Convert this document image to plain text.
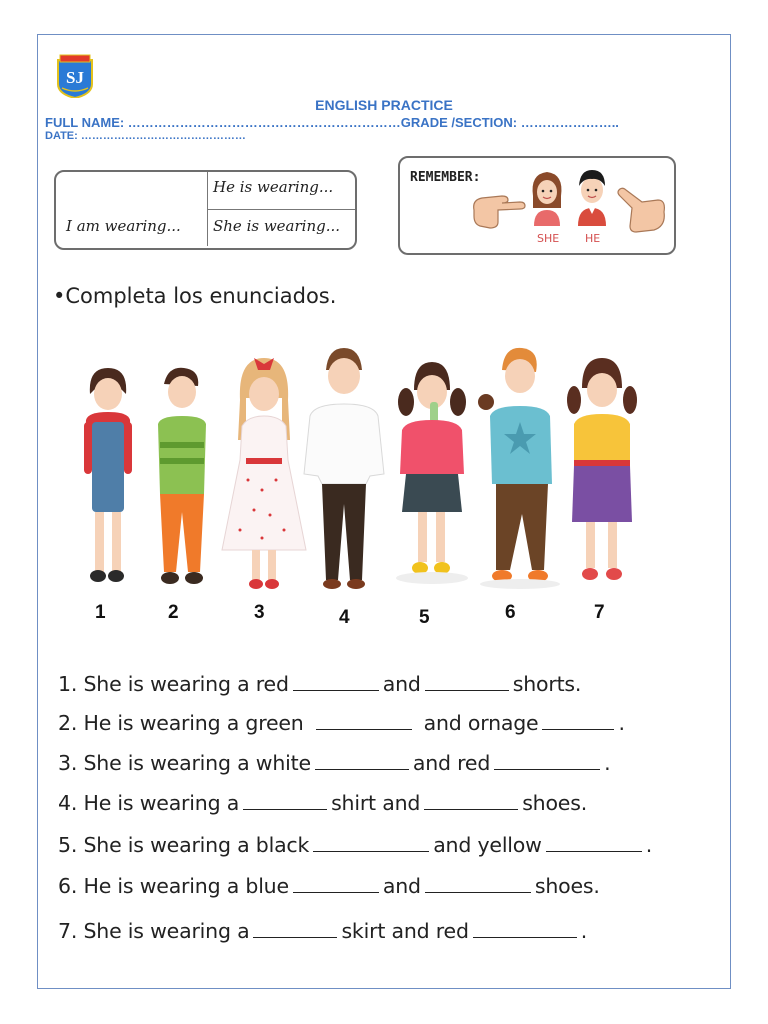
SJ
ENGLISH PRACTICE
FULL NAME: ………………………………………………………GRADE /SECTION: …………………..
DATE: ………………………………………
I am wearing...
He is wearing...
She is wearing...
REMEMBER:
SHE HE
•Completa los enunciados.
1	2	3	4	5	6	7
1. She is wearing a red	and	shorts.
2. He is wearing a green	and ornage	.
3. She is wearing a white	and red	.
4. He is wearing a	shirt and	shoes.
5. She is wearing a black	and yellow	.
6. He is wearing a blue	and	shoes.
7. She is wearing a	skirt and red	.
